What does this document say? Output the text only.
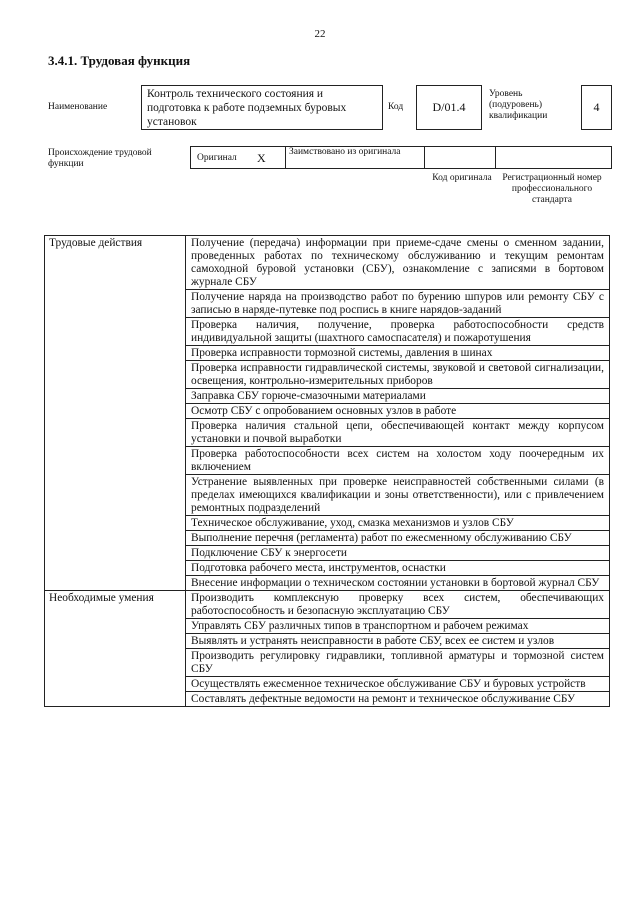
22
3.4.1. Трудовая функция
Наименование
Контроль технического состояния и подготовка к работе подземных буровых установок
Код	D/01.4
Уровень (подуровень) квалификации
4
Происхождение трудовой функции
Оригинал X Заимствовано из оригинала
Код оригинала Регистрационный номер профессионального стандарта
Трудовые действия	Получение (передача) информации при приеме-сдаче смены о сменном задании, проведенных работах по техническому обслуживанию и текущим ремонтам самоходной буровой установки (СБУ), ознакомление с записями в бортовом журнале СБУ
	Получение наряда на производство работ по бурению шпуров или ремонту СБУ с записью в наряде-путевке под роспись в книге нарядов-заданий
	Проверка наличия, получение, проверка работоспособности средств индивидуальной защиты (шахтного самоспасателя) и пожаротушения
	Проверка исправности тормозной системы, давления в шинах
	Проверка исправности гидравлической системы, звуковой и световой сигнализации, освещения, контрольно-измерительных приборов
	Заправка СБУ горюче-смазочными материалами
	Осмотр СБУ с опробованием основных узлов в работе
	Проверка наличия стальной цепи, обеспечивающей контакт между корпусом установки и почвой выработки
	Проверка работоспособности всех систем на холостом ходу поочередным их включением
	Устранение выявленных при проверке неисправностей собственными силами (в пределах имеющихся квалификации и зоны ответственности), или с привлечением ремонтных подразделений
	Техническое обслуживание, уход, смазка механизмов и узлов СБУ
	Выполнение перечня (регламента) работ по ежесменному обслуживанию СБУ
	Подключение СБУ к энергосети
	Подготовка рабочего места, инструментов, оснастки
	Внесение информации о техническом состоянии установки в бортовой журнал СБУ
Необходимые умения	Производить комплексную проверку всех систем, обеспечивающих работоспособность и безопасную эксплуатацию СБУ
	Управлять СБУ различных типов в транспортном и рабочем режимах
	Выявлять и устранять неисправности в работе СБУ, всех ее систем и узлов
	Производить регулировку гидравлики, топливной арматуры и тормозной систем СБУ
	Осуществлять ежесменное техническое обслуживание СБУ и буровых устройств
	Составлять дефектные ведомости на ремонт и техническое обслуживание СБУ
